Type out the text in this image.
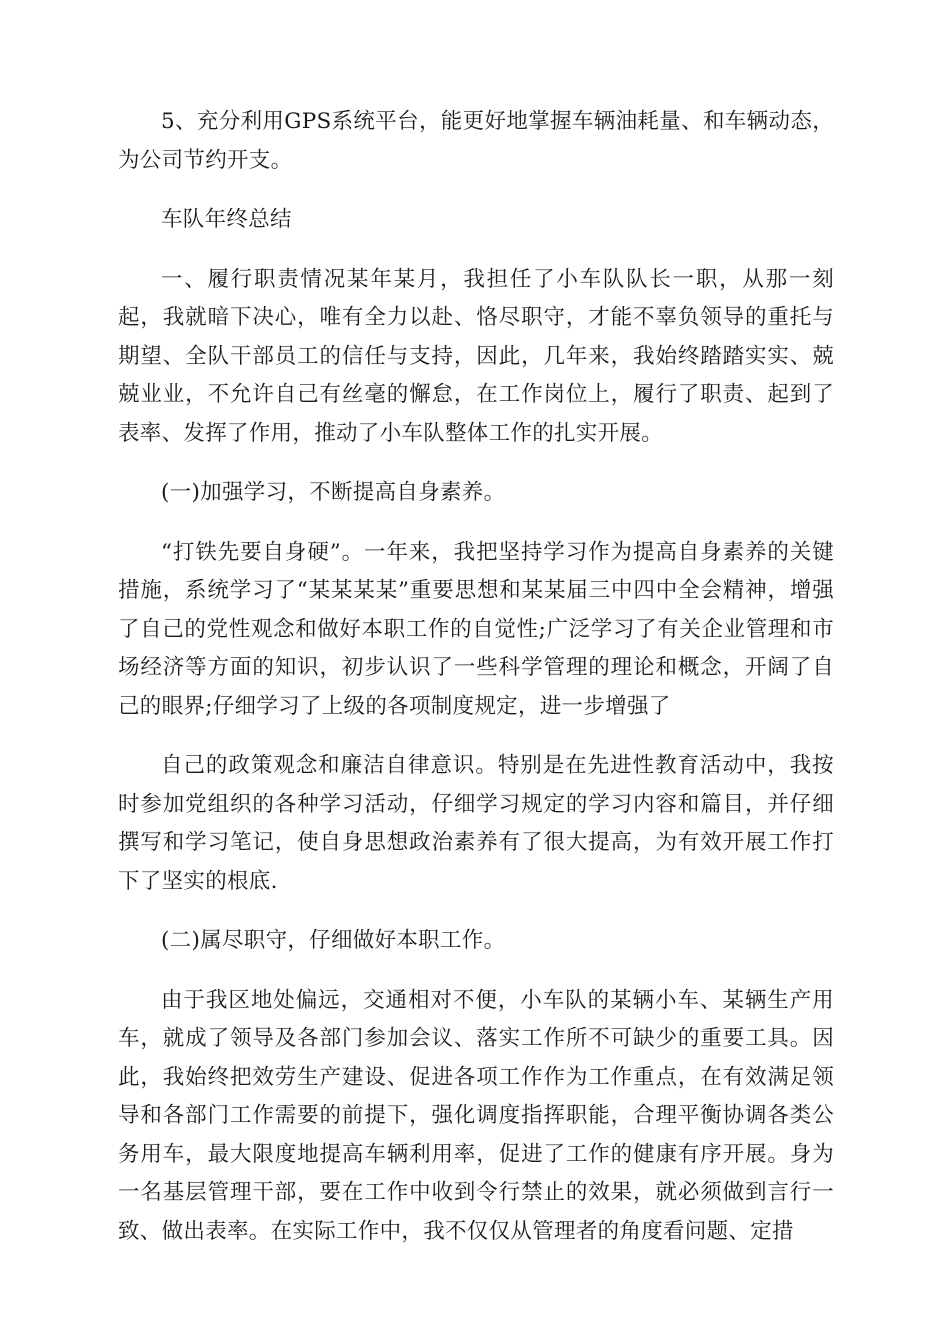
5、充分利用GPS系统平台，能更好地掌握车辆油耗量、和车辆动态，为公司节约开支。

车队年终总结

一、履行职责情况某年某月，我担任了小车队队长一职，从那一刻起，我就暗下决心，唯有全力以赴、恪尽职守，才能不辜负领导的重托与期望、全队干部员工的信任与支持，因此，几年来，我始终踏踏实实、兢兢业业，不允许自己有丝毫的懈怠，在工作岗位上，履行了职责、起到了表率、发挥了作用，推动了小车队整体工作的扎实开展。

(一)加强学习，不断提高自身素养。

“打铁先要自身硬”。一年来，我把坚持学习作为提高自身素养的关键措施，系统学习了“某某某某”重要思想和某某届三中四中全会精神，增强了自己的党性观念和做好本职工作的自觉性;广泛学习了有关企业管理和市场经济等方面的知识，初步认识了一些科学管理的理论和概念，开阔了自己的眼界;仔细学习了上级的各项制度规定，进一步增强了

自己的政策观念和廉洁自律意识。特别是在先进性教育活动中，我按时参加党组织的各种学习活动，仔细学习规定的学习内容和篇目，并仔细撰写和学习笔记，使自身思想政治素养有了很大提高，为有效开展工作打下了坚实的根底.

(二)属尽职守，仔细做好本职工作。

由于我区地处偏远，交通相对不便，小车队的某辆小车、某辆生产用车，就成了领导及各部门参加会议、落实工作所不可缺少的重要工具。因此，我始终把效劳生产建设、促进各项工作作为工作重点，在有效满足领导和各部门工作需要的前提下，强化调度指挥职能，合理平衡协调各类公务用车，最大限度地提高车辆利用率，促进了工作的健康有序开展。身为一名基层管理干部，要在工作中收到令行禁止的效果，就必须做到言行一致、做出表率。在实际工作中，我不仅仅从管理者的角度看问题、定措
